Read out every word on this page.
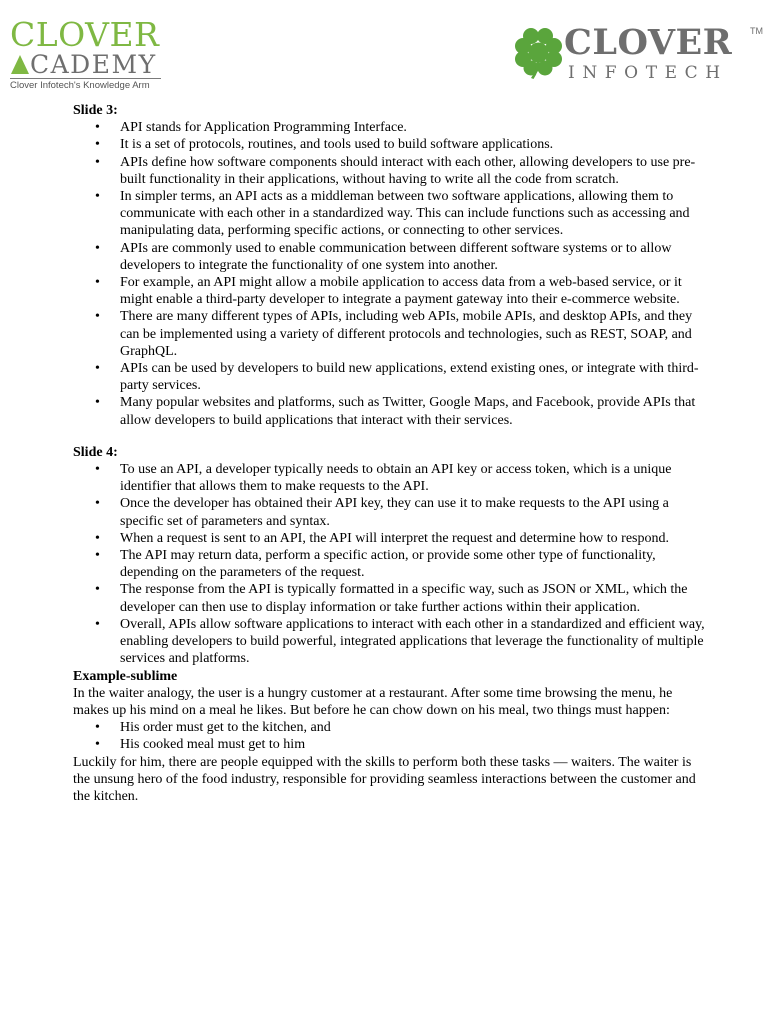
CLOVER
CADEMY
Clover Infotech's Knowledge Arm
CLOVER TM
INFOTECH

Slide 3:

• API stands for Application Programming Interface.
• It is a set of protocols, routines, and tools used to build software applications.
• APIs define how software components should interact with each other, allowing developers to use pre-built functionality in their applications, without having to write all the code from scratch.
• In simpler terms, an API acts as a middleman between two software applications, allowing them to communicate with each other in a standardized way. This can include functions such as accessing and manipulating data, performing specific actions, or connecting to other services.
• APIs are commonly used to enable communication between different software systems or to allow developers to integrate the functionality of one system into another.
• For example, an API might allow a mobile application to access data from a web-based service, or it might enable a third-party developer to integrate a payment gateway into their e-commerce website.
• There are many different types of APIs, including web APIs, mobile APIs, and desktop APIs, and they can be implemented using a variety of different protocols and technologies, such as REST, SOAP, and GraphQL.
• APIs can be used by developers to build new applications, extend existing ones, or integrate with third-party services.
• Many popular websites and platforms, such as Twitter, Google Maps, and Facebook, provide APIs that allow developers to build applications that interact with their services.

Slide 4:

• To use an API, a developer typically needs to obtain an API key or access token, which is a unique identifier that allows them to make requests to the API.
• Once the developer has obtained their API key, they can use it to make requests to the API using a specific set of parameters and syntax.
• When a request is sent to an API, the API will interpret the request and determine how to respond.
• The API may return data, perform a specific action, or provide some other type of functionality, depending on the parameters of the request.
• The response from the API is typically formatted in a specific way, such as JSON or XML, which the developer can then use to display information or take further actions within their application.
• Overall, APIs allow software applications to interact with each other in a standardized and efficient way, enabling developers to build powerful, integrated applications that leverage the functionality of multiple services and platforms.

Example-sublime

In the waiter analogy, the user is a hungry customer at a restaurant. After some time browsing the menu, he makes up his mind on a meal he likes. But before he can chow down on his meal, two things must happen:

• His order must get to the kitchen, and
• His cooked meal must get to him

Luckily for him, there are people equipped with the skills to perform both these tasks — waiters. The waiter is the unsung hero of the food industry, responsible for providing seamless interactions between the customer and the kitchen.
